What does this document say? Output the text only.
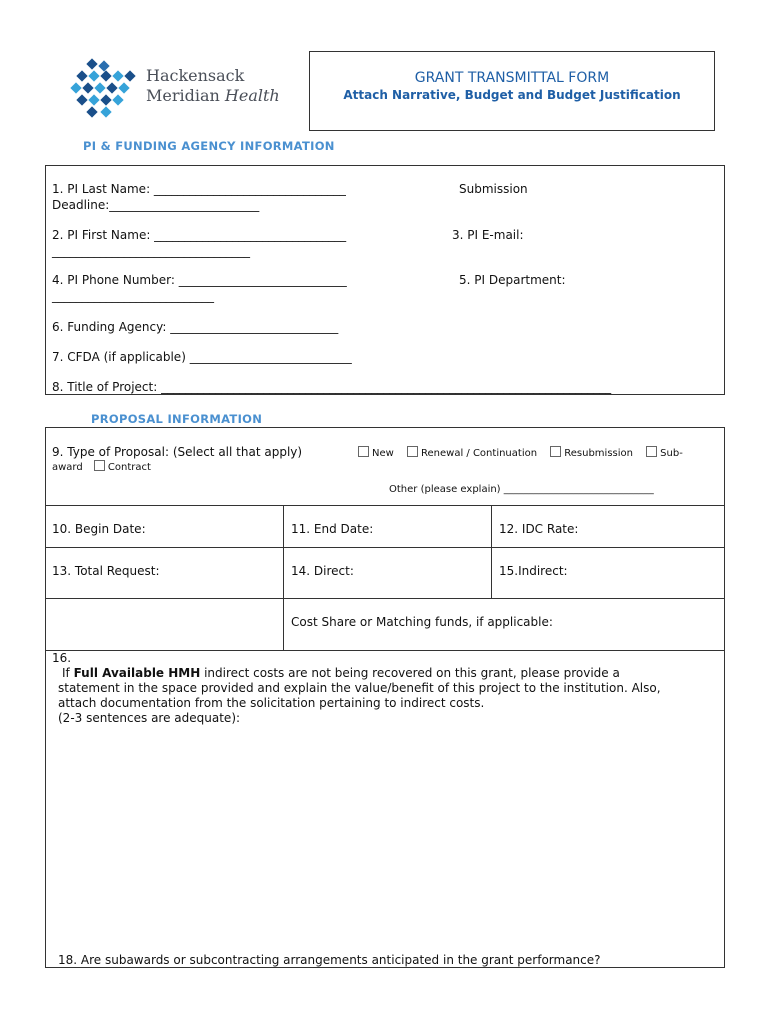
Hackensack
Meridian Health
GRANT TRANSMITTAL FORM
Attach Narrative, Budget and Budget Justification
PI & FUNDING AGENCY INFORMATION
1. PI Last Name: ________________________________	Submission
Deadline:_________________________
2. PI First Name: ________________________________	3. PI E-mail:
_________________________________
4. PI Phone Number: ____________________________	5. PI Department:
___________________________
6. Funding Agency: ____________________________
7. CFDA (if applicable) ___________________________
8. Title of Project: ___________________________________________________________________________
PROPOSAL INFORMATION
9. Type of Proposal: (Select all that apply)	New	Renewal / Continuation	Resubmission	Sub-
award	Contract
Other (please explain) ______________________________
10. Begin Date:	11. End Date:	12. IDC Rate:
13. Total Request:	14. Direct:	15.Indirect:
Cost Share or Matching funds, if applicable:
16.
If Full Available HMH indirect costs are not being recovered on this grant, please provide a
statement in the space provided and explain the value/benefit of this project to the institution. Also,
attach documentation from the solicitation pertaining to indirect costs.
(2-3 sentences are adequate):
18. Are subawards or subcontracting arrangements anticipated in the grant performance?
